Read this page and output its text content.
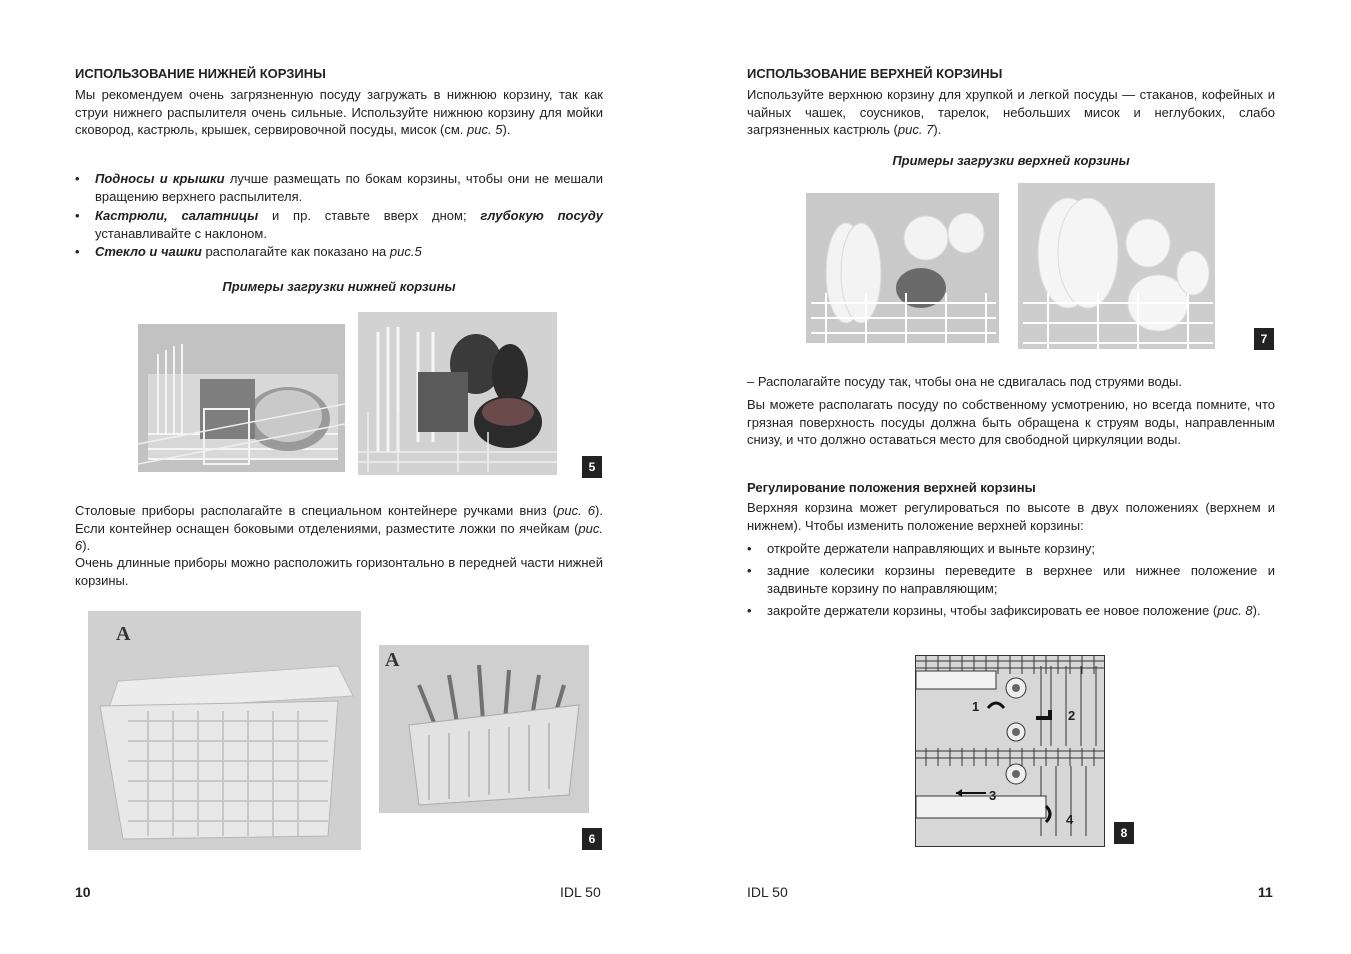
ИСПОЛЬЗОВАНИЕ НИЖНЕЙ КОРЗИНЫ

Мы рекомендуем очень загрязненную посуду загружать в нижнюю корзину, так как струи нижнего распылителя очень сильные. Используйте нижнюю корзину для мойки сковород, кастрюль, крышек, сервировочной посуды, мисок (см. рис. 5).

• Подносы и крышки лучше размещать по бокам корзины, чтобы они не мешали вращению верхнего распылителя.
• Кастрюли, салатницы и пр. ставьте вверх дном; глубокую посуду устанавливайте с наклоном.
• Стекло и чашки располагайте как показано на рис.5
Примеры загрузки нижней корзины
5

Столовые приборы располагайте в специальном контейнере ручками вниз (рис. 6). Если контейнер оснащен боковыми отделениями, разместите ложки по ячейкам (рис. 6).

Очень длинные приборы можно расположить горизонтально в передней части нижней корзины.

A
A
6
10	IDL 50
ИСПОЛЬЗОВАНИЕ ВЕРХНЕЙ КОРЗИНЫ

Используйте верхнюю корзину для хрупкой и легкой посуды — стаканов, кофейных и чайных чашек, соусников, тарелок, небольших мисок и неглубоких, слабо загрязненных кастрюль (рис. 7).

Примеры загрузки верхней корзины
7

– Располагайте посуду так, чтобы она не сдвигалась под струями воды.

Вы можете располагать посуду по собственному усмотрению, но всегда помните, что грязная поверхность посуды должна быть обращена к струям воды, направленным снизу, и что должно оставаться место для свободной циркуляции воды.

Регулирование положения верхней корзины

Верхняя корзина может регулироваться по высоте в двух положениях (верхнем и нижнем). Чтобы изменить положение верхней корзины:

• откройте держатели направляющих и выньте корзину;
• задние колесики корзины переведите в верхнее или нижнее положение и задвиньте корзину по направляющим;
• закройте держатели корзины, чтобы зафиксировать ее новое положение (рис. 8).
1
2
3
4
8
IDL 50	11
